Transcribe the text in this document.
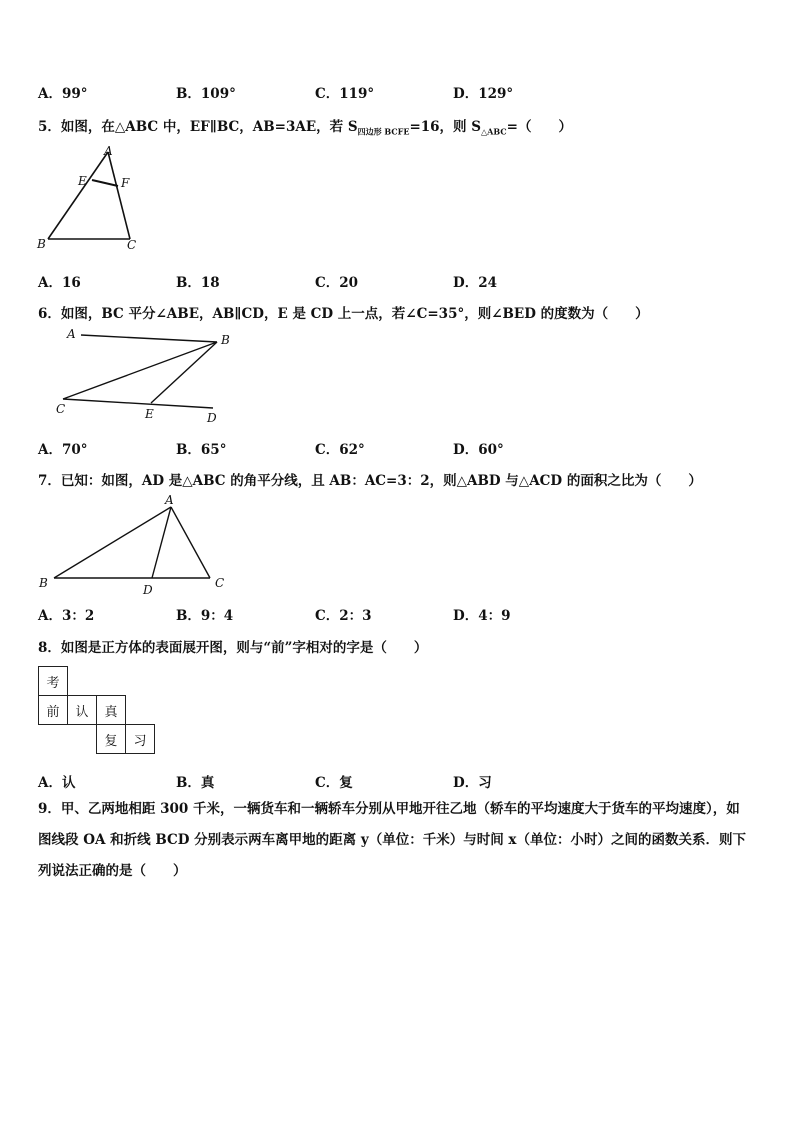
A．99°	B．109°	C．119°	D．129°
5．如图，在△ABC 中，EF∥BC，AB=3AE，若 $S_{四边形 BCFE}=16$，则 $S_{\triangle ABC}=$（　　）
A
E	F
B	C
A．16	B．18	C．20	D．24
6．如图，BC 平分∠ABE，AB∥CD，E 是 CD 上一点，若∠C=35°，则∠BED 的度数为（　　）
A	B
C	E	D
A．70°	B．65°	C．62°	D．60°
7．已知：如图，AD 是△ABC 的角平分线，且 AB：AC=3：2，则△ABD 与△ACD 的面积之比为（　　）
A
B	D	C
A．3：2	B．9：4	C．2：3	D．4：9
8．如图是正方体的表面展开图，则与“前”字相对的字是（　　）
考			
前	认	真	
		复	习
A．认	B．真	C．复	D．习
9．甲、乙两地相距 300 千米，一辆货车和一辆轿车分别从甲地开往乙地（轿车的平均速度大于货车的平均速度），如
图线段 OA 和折线 BCD 分别表示两车离甲地的距离 y（单位：千米）与时间 x（单位：小时）之间的函数关系．则下
列说法正确的是（　　）
